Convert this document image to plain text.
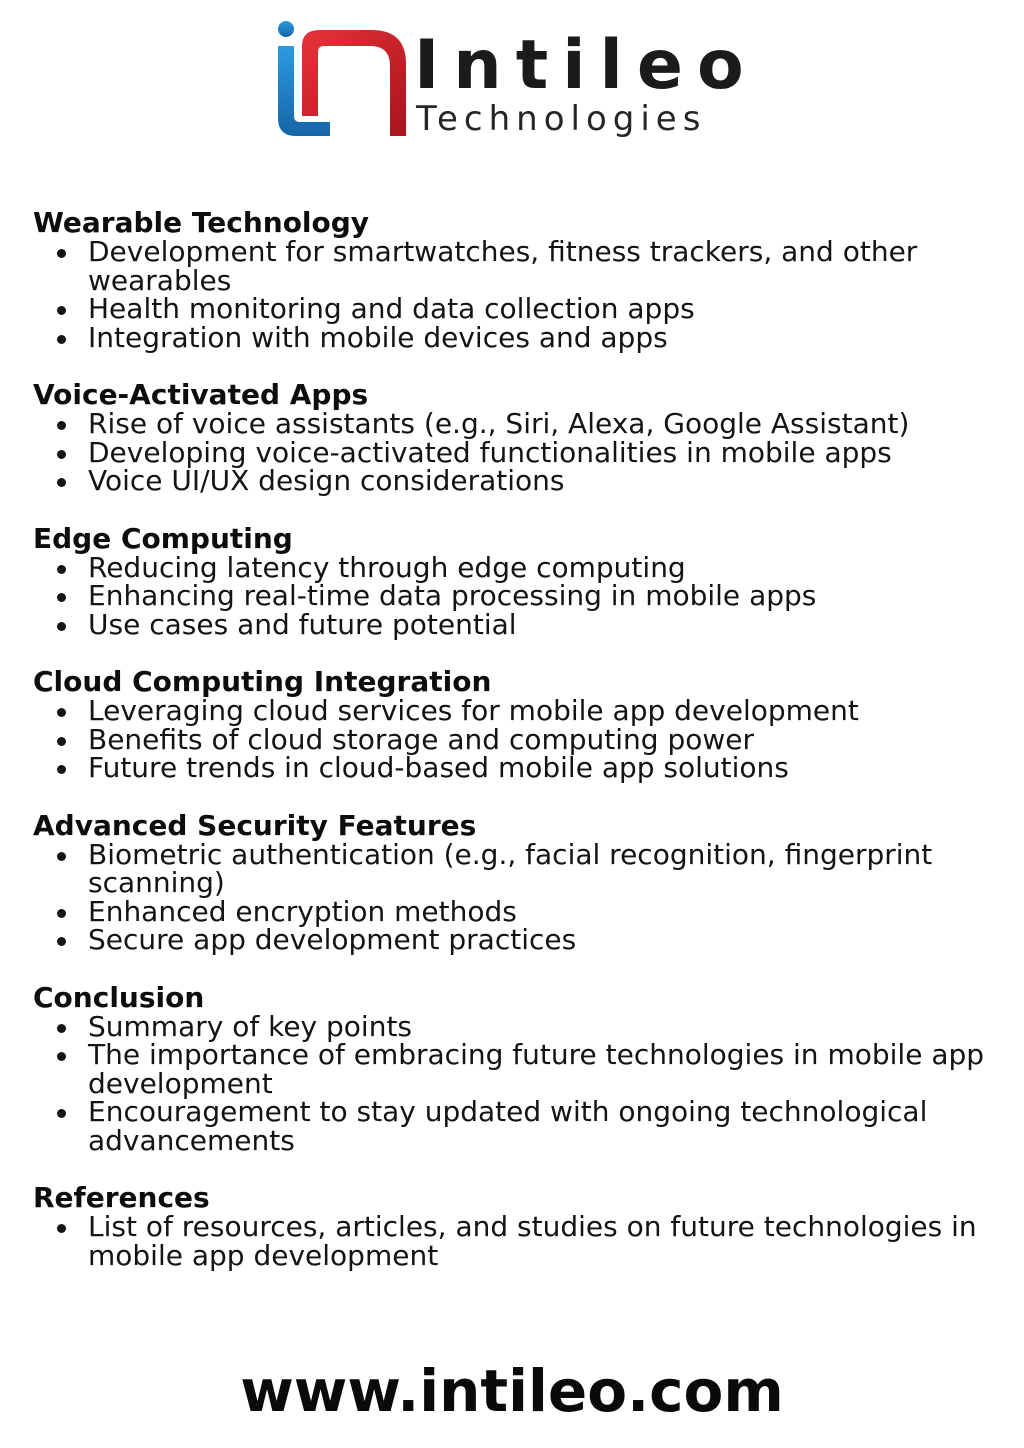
Intileo
Technologies
Wearable Technology
Development for smartwatches, fitness trackers, and other wearables
Health monitoring and data collection apps
Integration with mobile devices and apps
Voice-Activated Apps
Rise of voice assistants (e.g., Siri, Alexa, Google Assistant)
Developing voice-activated functionalities in mobile apps
Voice UI/UX design considerations
Edge Computing
Reducing latency through edge computing
Enhancing real-time data processing in mobile apps
Use cases and future potential
Cloud Computing Integration
Leveraging cloud services for mobile app development
Benefits of cloud storage and computing power
Future trends in cloud-based mobile app solutions
Advanced Security Features
Biometric authentication (e.g., facial recognition, fingerprint scanning)
Enhanced encryption methods
Secure app development practices
Conclusion
Summary of key points
The importance of embracing future technologies in mobile app development
Encouragement to stay updated with ongoing technological advancements
References
List of resources, articles, and studies on future technologies in mobile app development
www.intileo.com
